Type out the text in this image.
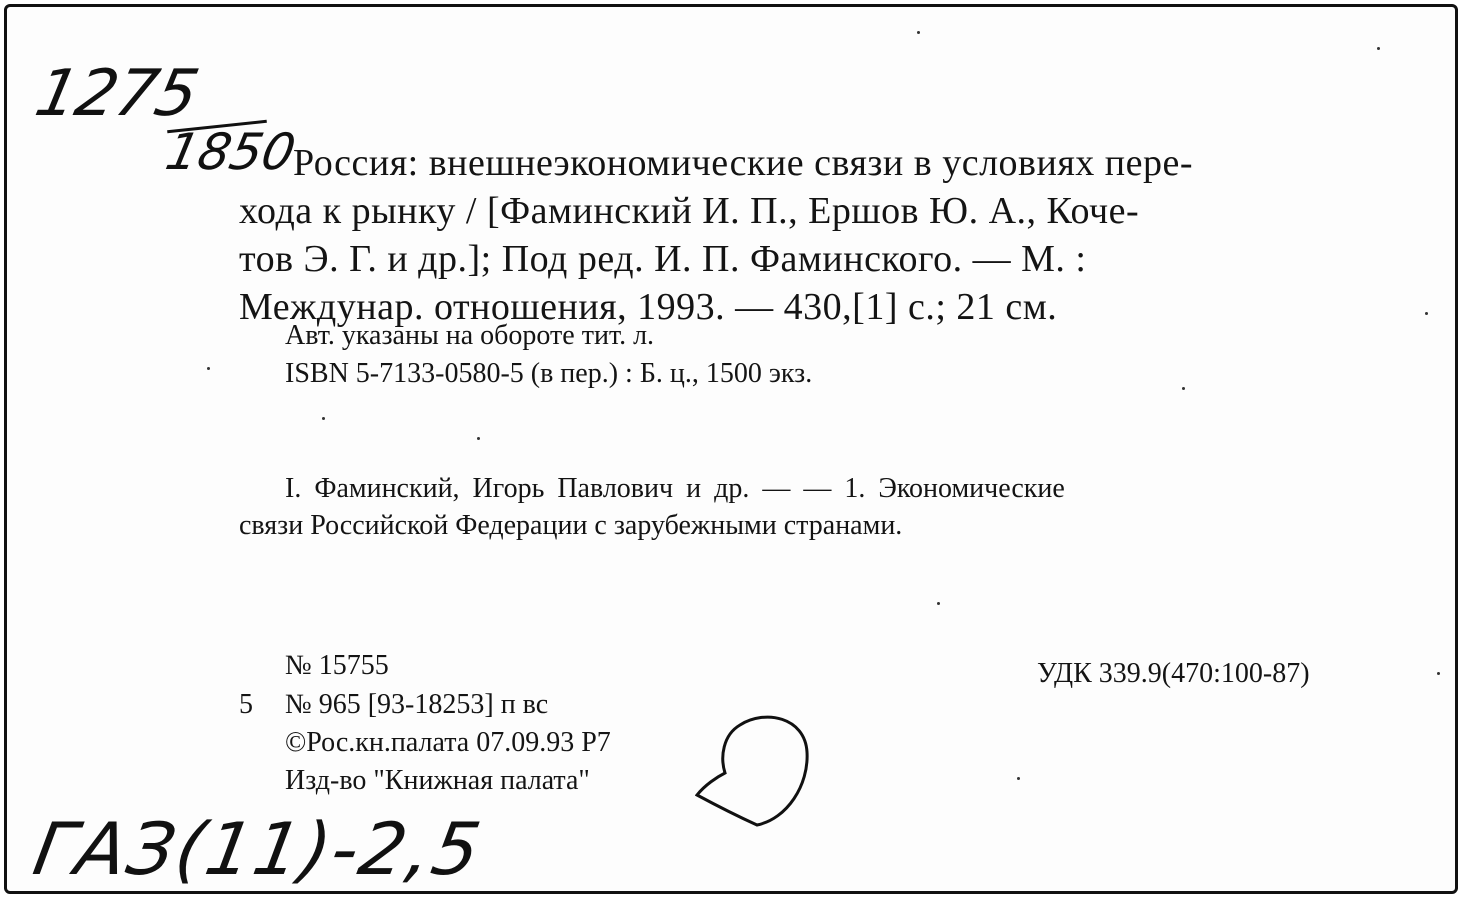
1275
1850
Россия: внешнеэкономические связи в условиях пере-
хода к рынку / [Фаминский И. П., Ершов Ю. А., Коче-
тов Э. Г. и др.]; Под ред. И. П. Фаминского. — М. :
Междунар. отношения, 1993. — 430,[1] с.; 21 см.
Авт. указаны на обороте тит. л.
ISBN 5-7133-0580-5 (в пер.) : Б. ц., 1500 экз.
I. Фаминский, Игорь Павлович и др. — — 1. Экономические
связи Российской Федерации с зарубежными странами.
№ 15755
5 № 965 [93-18253] п вс
©Рос.кн.палата 07.09.93 Р7
Изд-во "Книжная палата"
УДК 339.9(470:100-87)
ГАЗ(11)-2,5
